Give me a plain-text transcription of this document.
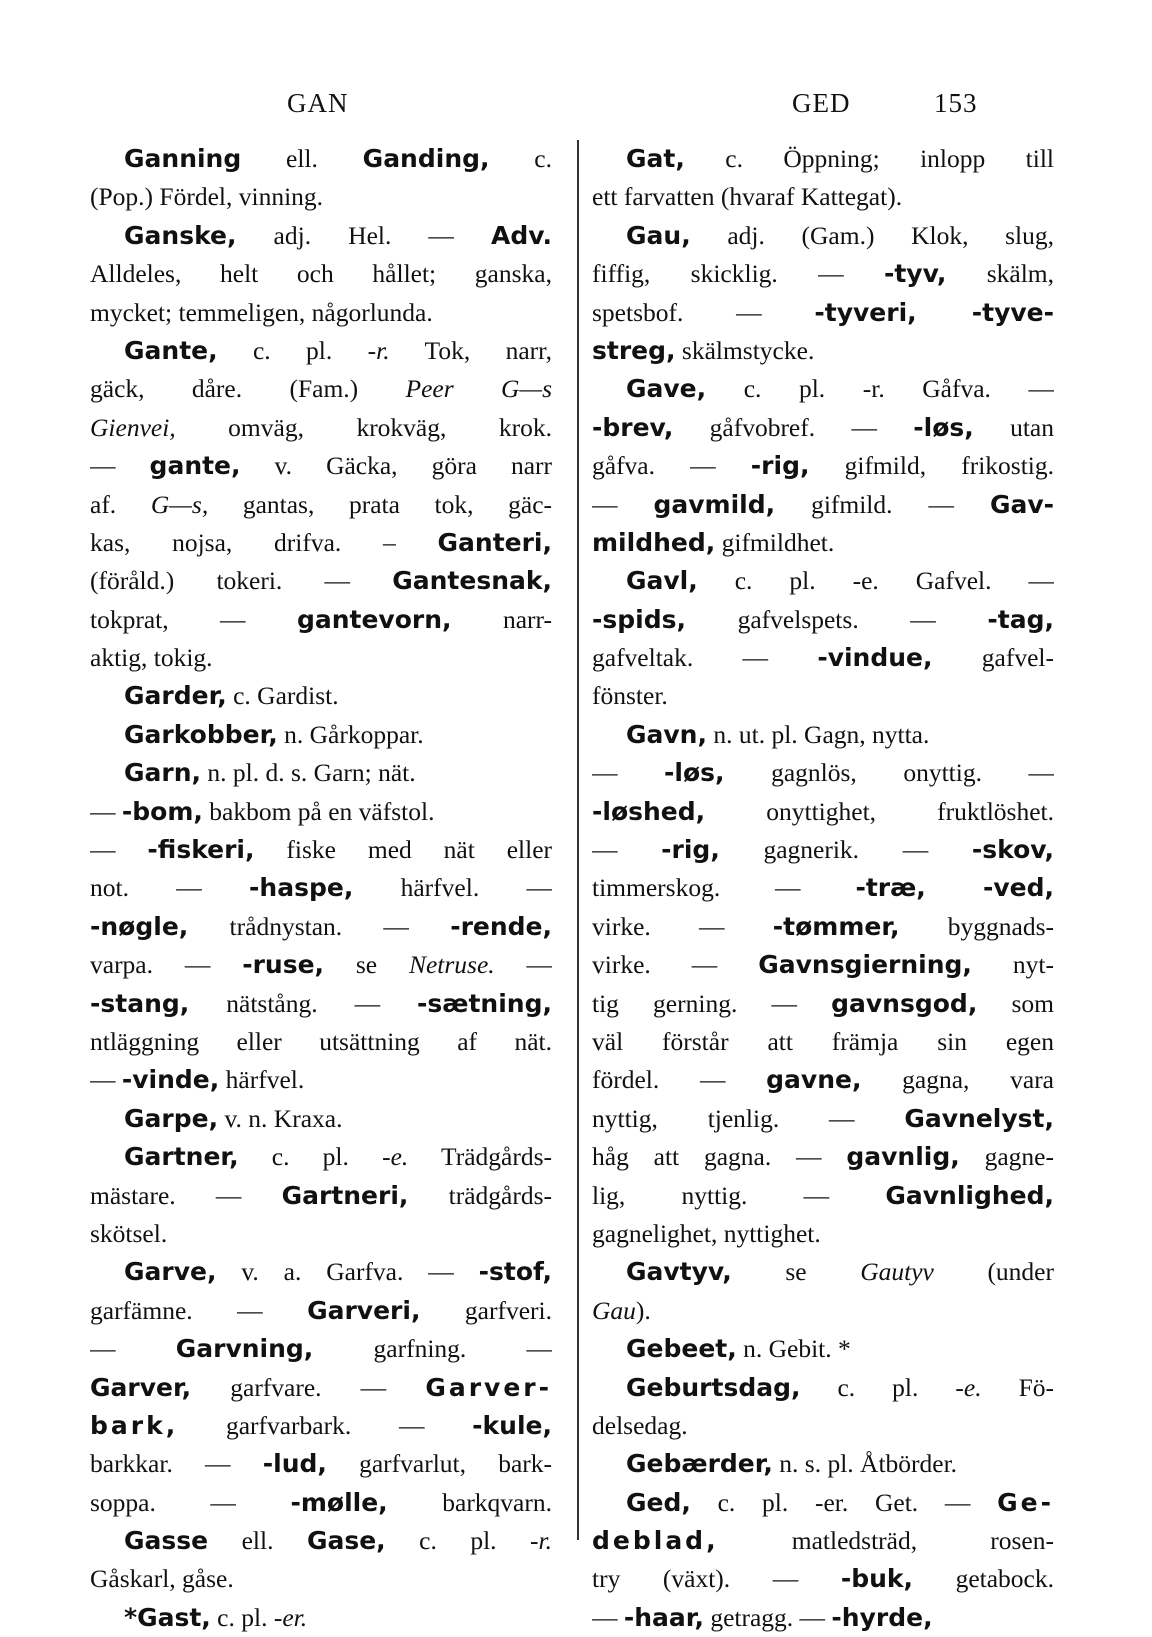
GAN	GED	153
Ganning ell. Ganding, c.
(Pop.) Fördel, vinning.
Ganske, adj. Hel. — Adv.
Alldeles, helt och hållet; ganska,
mycket; temmeligen, någorlunda.
Gante, c. pl. -r. Tok, narr,
gäck, dåre. (Fam.) Peer G—s
Gienvei, omväg, krokväg, krok.
— gante, v. Gäcka, göra narr
af. G—s, gantas, prata tok, gäc-
kas, nojsa, drifva. – Ganteri,
(föråld.) tokeri. — Gantesnak,
tokprat, — gantevorn, narr-
aktig, tokig.
Garder, c. Gardist.
Garkobber, n. Gårkoppar.
Garn, n. pl. d. s. Garn; nät.
— -bom, bakbom på en väfstol.
— -fiskeri, fiske med nät eller
not. — -haspe, härfvel. —
-nøgle, trådnystan. — -rende,
varpa. — -ruse, se Netruse. —
-stang, nätstång. — -sætning,
ntläggning eller utsättning af nät.
— -vinde, härfvel.
Garpe, v. n. Kraxa.
Gartner, c. pl. -e. Trädgårds-
mästare. — Gartneri, trädgårds-
skötsel.
Garve, v. a. Garfva. — -stof,
garfämne. — Garveri, garfveri.
— Garvning, garfning. —
Garver, garfvare. — Garver-
bark, garfvarbark. — -kule,
barkkar. — -lud, garfvarlut, bark-
soppa. — -mølle, barkqvarn.
Gasse ell. Gase, c. pl. -r.
Gåskarl, gåse.
*Gast, c. pl. -er.
Gat, c. Öppning; inlopp till
ett farvatten (hvaraf Kattegat).
Gau, adj. (Gam.) Klok, slug,
fiffig, skicklig. — -tyv, skälm,
spetsbof. — -tyveri, -tyve-
streg, skälmstycke.
Gave, c. pl. -r. Gåfva. —
-brev, gåfvobref. — -løs, utan
gåfva. — -rig, gifmild, frikostig.
— gavmild, gifmild. — Gav-
mildhed, gifmildhet.
Gavl, c. pl. -e. Gafvel. —
-spids, gafvelspets. — -tag,
gafveltak. — -vindue, gafvel-
fönster.
Gavn, n. ut. pl. Gagn, nytta.
— -løs, gagnlös, onyttig. —
-løshed, onyttighet, fruktlöshet.
— -rig, gagnerik. — -skov,
timmerskog. — -træ, -ved,
virke. — -tømmer, byggnads-
virke. — Gavnsgierning, nyt-
tig gerning. — gavnsgod, som
väl förstår att främja sin egen
fördel. — gavne, gagna, vara
nyttig, tjenlig. — Gavnelyst,
håg att gagna. — gavnlig, gagne-
lig, nyttig. — Gavnlighed,
gagnelighet, nyttighet.
Gavtyv, se Gautyv (under
Gau).
Gebeet, n. Gebit. *
Geburtsdag, c. pl. -e. Fö-
delsedag.
Gebærder, n. s. pl. Åtbörder.
Ged, c. pl. -er. Get. — Ge-
deblad, matledsträd, rosen-
try (växt). — -buk, getabock.
— -haar, getragg. — -hyrde,
